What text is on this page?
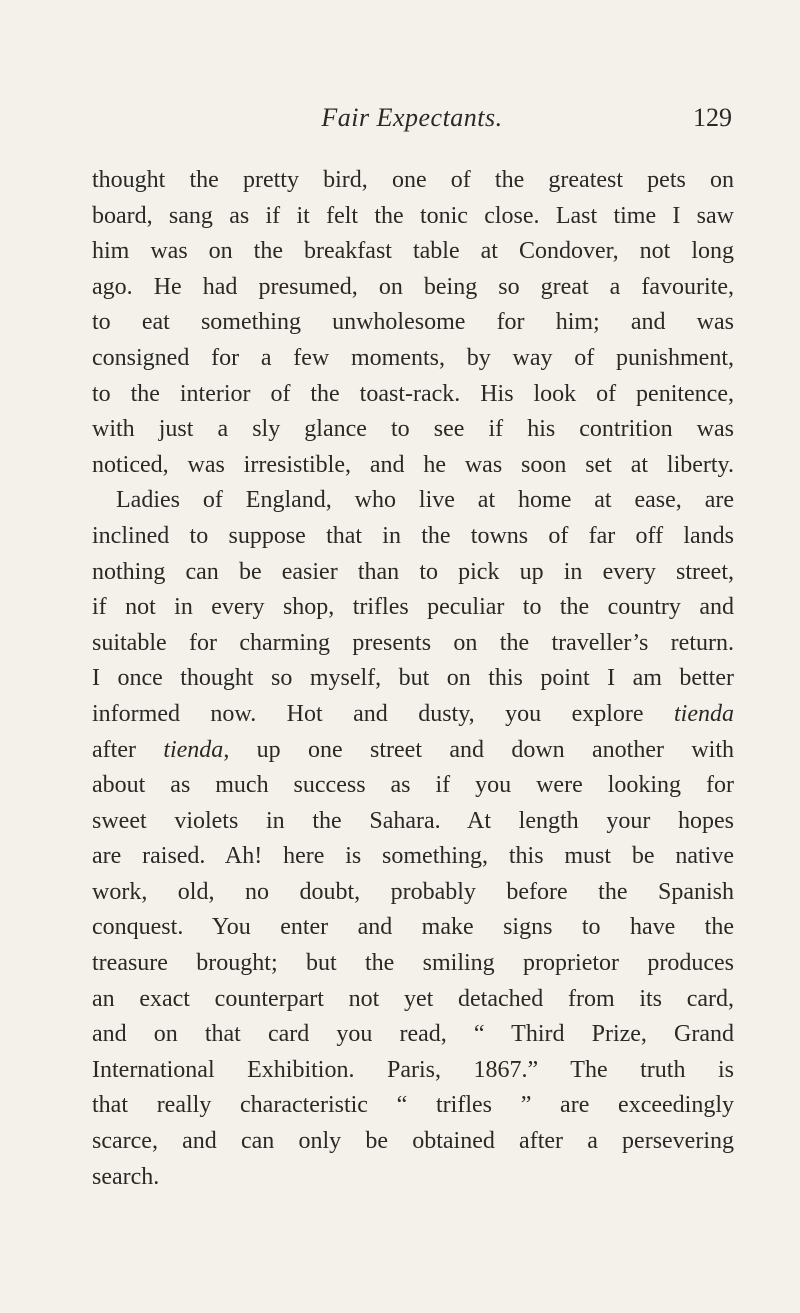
Fair Expectants.	129
thought the pretty bird, one of the greatest pets on
board, sang as if it felt the tonic close. Last time I saw
him was on the breakfast table at Condover, not long
ago. He had presumed, on being so great a favourite,
to eat something unwholesome for him; and was
consigned for a few moments, by way of punishment,
to the interior of the toast-rack. His look of penitence,
with just a sly glance to see if his contrition was
noticed, was irresistible, and he was soon set at liberty.
Ladies of England, who live at home at ease, are
inclined to suppose that in the towns of far off lands
nothing can be easier than to pick up in every street,
if not in every shop, trifles peculiar to the country and
suitable for charming presents on the traveller’s return.
I once thought so myself, but on this point I am better
informed now. Hot and dusty, you explore tienda
after tienda, up one street and down another with
about as much success as if you were looking for
sweet violets in the Sahara. At length your hopes
are raised. Ah! here is something, this must be native
work, old, no doubt, probably before the Spanish
conquest. You enter and make signs to have the
treasure brought; but the smiling proprietor produces
an exact counterpart not yet detached from its card,
and on that card you read, “ Third Prize, Grand
International Exhibition. Paris, 1867.” The truth is
that really characteristic “ trifles ” are exceedingly
scarce, and can only be obtained after a persevering
search.
